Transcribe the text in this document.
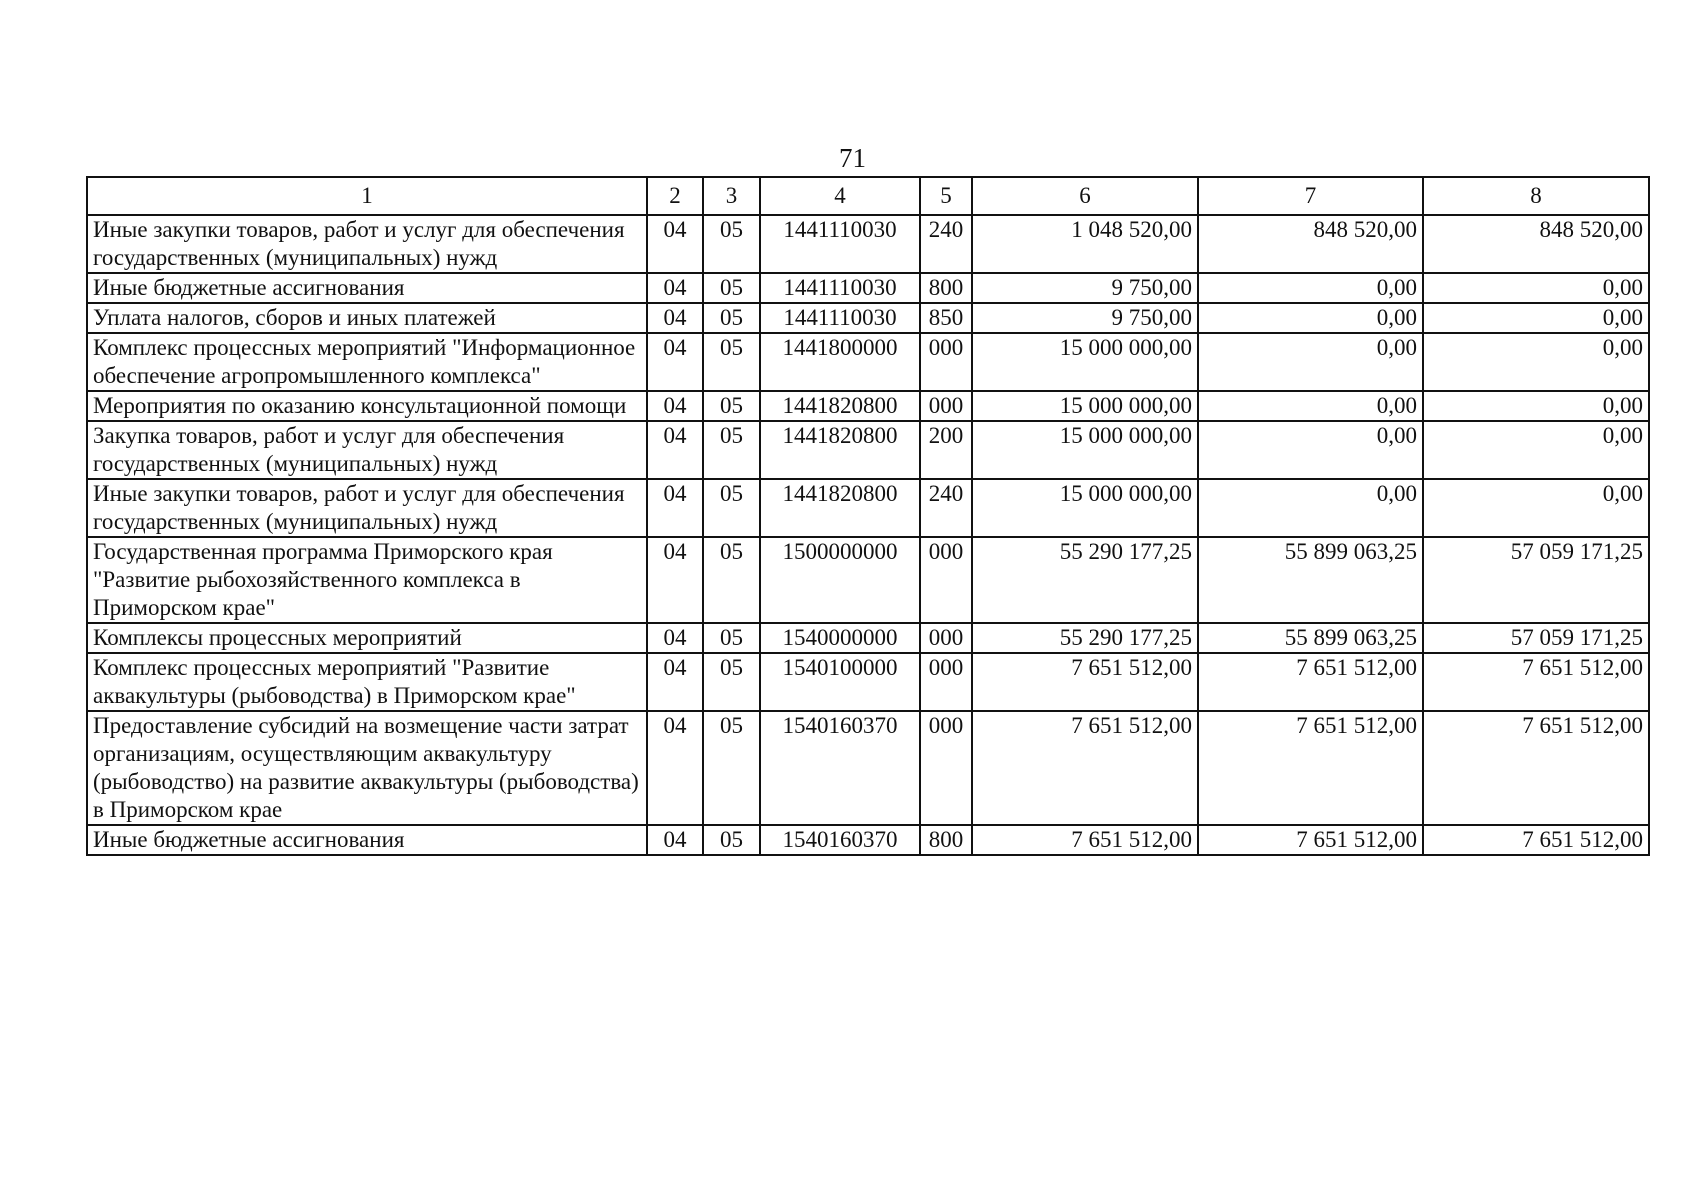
71
1	2	3	4	5	6	7	8
Иные закупки товаров, работ и услуг для обеспечения государственных (муниципальных) нужд	04	05	1441110030	240	1 048 520,00	848 520,00	848 520,00
Иные бюджетные ассигнования	04	05	1441110030	800	9 750,00	0,00	0,00
Уплата налогов, сборов и иных платежей	04	05	1441110030	850	9 750,00	0,00	0,00
Комплекс процессных мероприятий "Информационное обеспечение агропромышленного комплекса"	04	05	1441800000	000	15 000 000,00	0,00	0,00
Мероприятия по оказанию консультационной помощи	04	05	1441820800	000	15 000 000,00	0,00	0,00
Закупка товаров, работ и услуг для обеспечения государственных (муниципальных) нужд	04	05	1441820800	200	15 000 000,00	0,00	0,00
Иные закупки товаров, работ и услуг для обеспечения государственных (муниципальных) нужд	04	05	1441820800	240	15 000 000,00	0,00	0,00
Государственная программа Приморского края "Развитие рыбохозяйственного комплекса в Приморском крае"	04	05	1500000000	000	55 290 177,25	55 899 063,25	57 059 171,25
Комплексы процессных мероприятий	04	05	1540000000	000	55 290 177,25	55 899 063,25	57 059 171,25
Комплекс процессных мероприятий "Развитие аквакультуры (рыбоводства) в Приморском крае"	04	05	1540100000	000	7 651 512,00	7 651 512,00	7 651 512,00
Предоставление субсидий на возмещение части затрат организациям, осуществляющим аквакультуру (рыбоводство) на развитие аквакультуры (рыбоводства) в Приморском крае	04	05	1540160370	000	7 651 512,00	7 651 512,00	7 651 512,00
Иные бюджетные ассигнования	04	05	1540160370	800	7 651 512,00	7 651 512,00	7 651 512,00
